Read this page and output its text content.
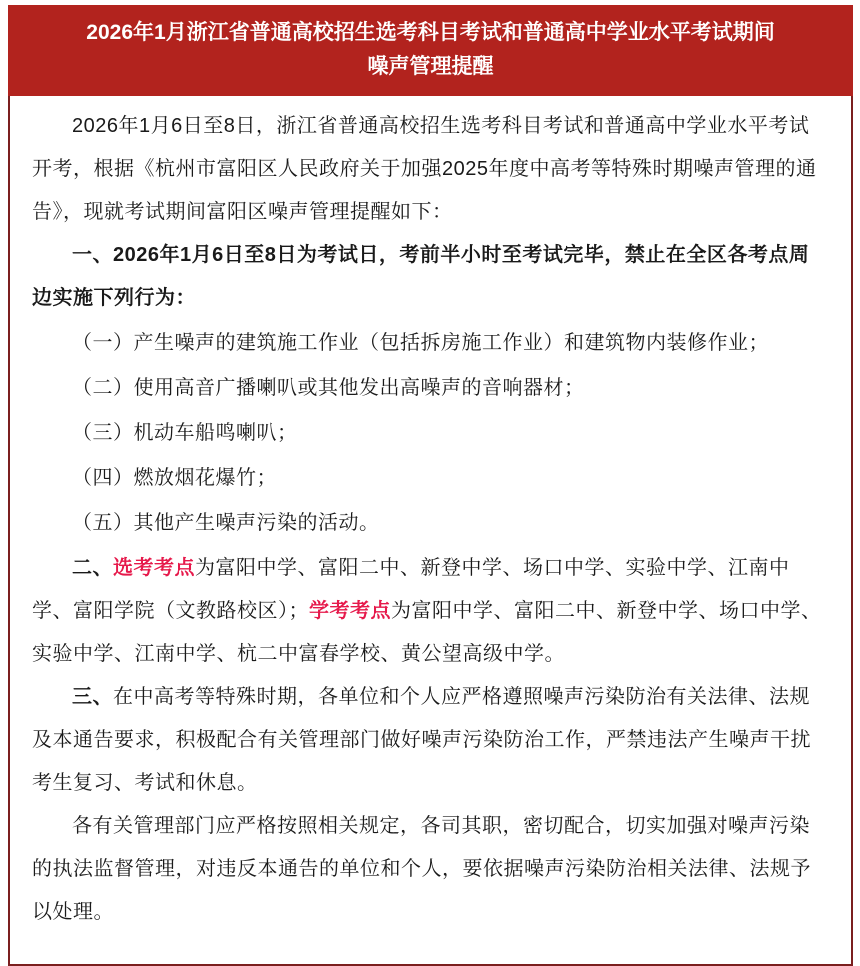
2026年1月浙江省普通高校招生选考科目考试和普通高中学业水平考试期间噪声管理提醒

2026年1月6日至8日，浙江省普通高校招生选考科目考试和普通高中学业水平考试开考，根据《杭州市富阳区人民政府关于加强2025年度中高考等特殊时期噪声管理的通告》，现就考试期间富阳区噪声管理提醒如下：

一、2026年1月6日至8日为考试日，考前半小时至考试完毕，禁止在全区各考点周边实施下列行为：

（一）产生噪声的建筑施工作业（包括拆房施工作业）和建筑物内装修作业；

（二）使用高音广播喇叭或其他发出高噪声的音响器材；

（三）机动车船鸣喇叭；

（四）燃放烟花爆竹；

（五）其他产生噪声污染的活动。

二、选考考点为富阳中学、富阳二中、新登中学、场口中学、实验中学、江南中学、富阳学院（文教路校区）；学考考点为富阳中学、富阳二中、新登中学、场口中学、实验中学、江南中学、杭二中富春学校、黄公望高级中学。

三、在中高考等特殊时期，各单位和个人应严格遵照噪声污染防治有关法律、法规及本通告要求，积极配合有关管理部门做好噪声污染防治工作，严禁违法产生噪声干扰考生复习、考试和休息。

各有关管理部门应严格按照相关规定，各司其职，密切配合，切实加强对噪声污染的执法监督管理，对违反本通告的单位和个人，要依据噪声污染防治相关法律、法规予以处理。
